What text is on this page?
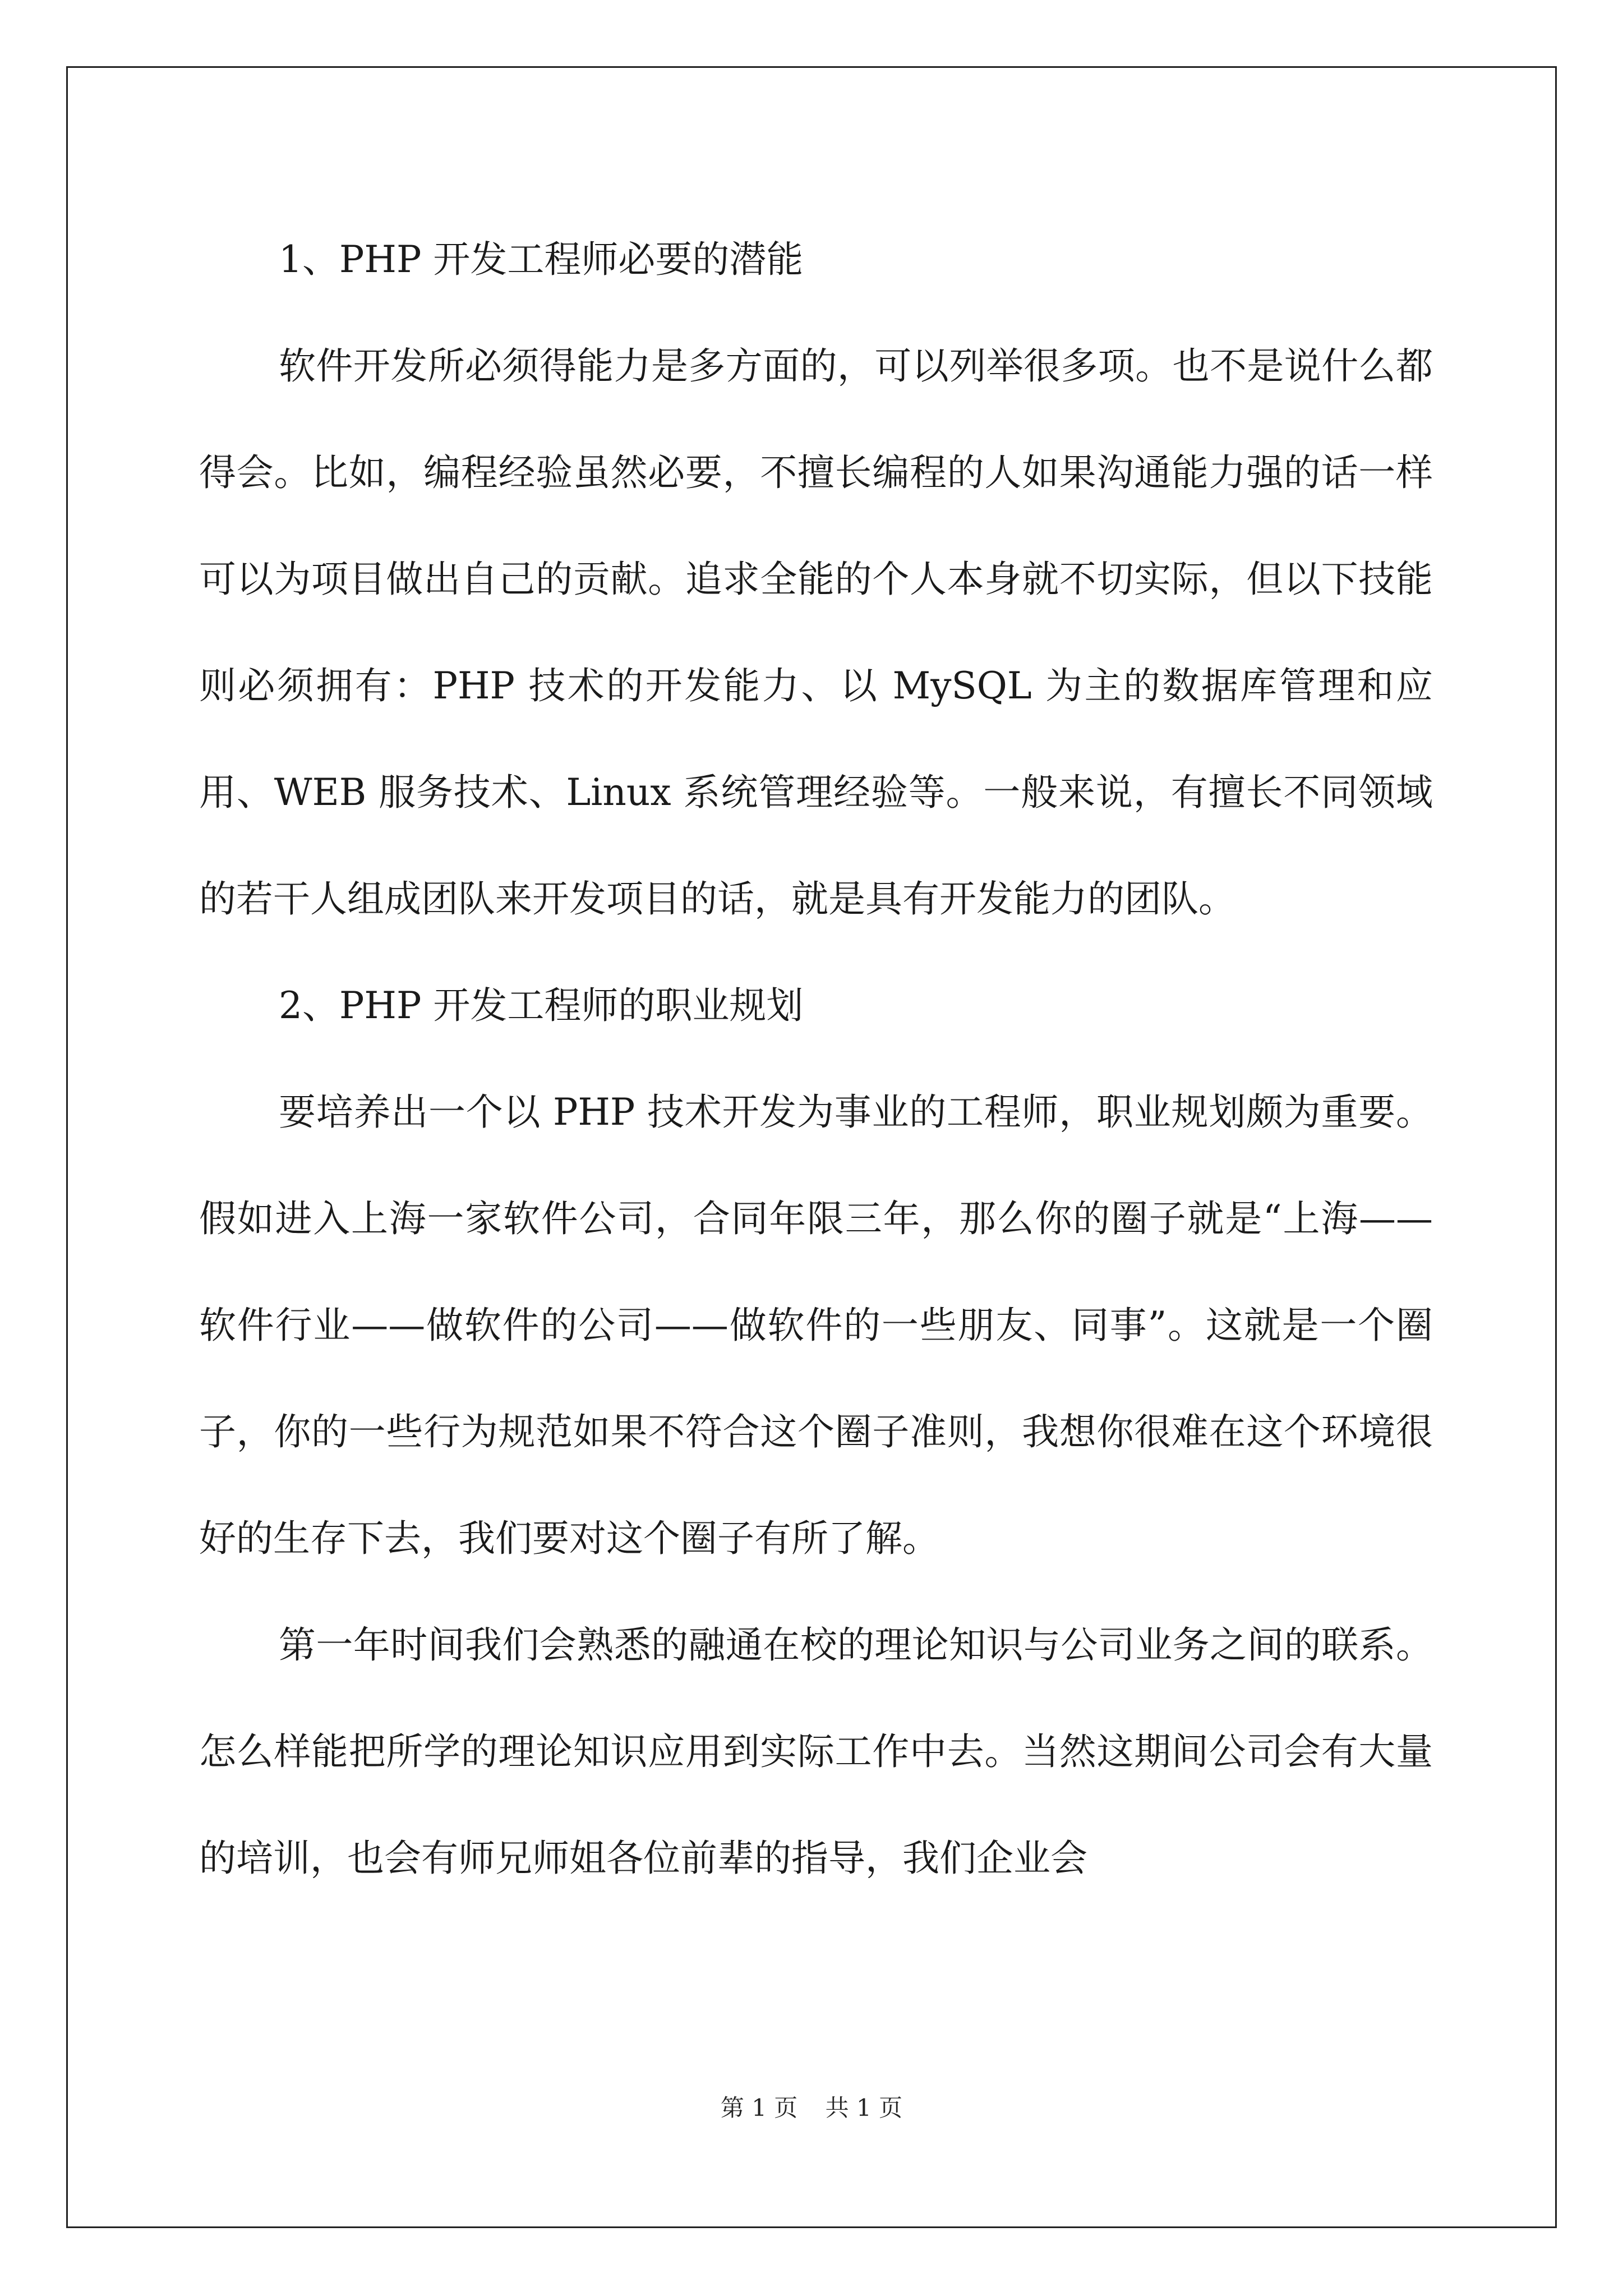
1、PHP 开发工程师必要的潜能

软件开发所必须得能力是多方面的，可以列举很多项。也不是说什么都得会。比如，编程经验虽然必要，不擅长编程的人如果沟通能力强的话一样可以为项目做出自己的贡献。追求全能的个人本身就不切实际，但以下技能则必须拥有：PHP 技术的开发能力、以 MySQL 为主的数据库管理和应用、WEB 服务技术、Linux 系统管理经验等。一般来说，有擅长不同领域的若干人组成团队来开发项目的话，就是具有开发能力的团队。

2、PHP 开发工程师的职业规划

要培养出一个以 PHP 技术开发为事业的工程师，职业规划颇为重要。假如进入上海一家软件公司，合同年限三年，那么你的圈子就是“上海——软件行业——做软件的公司——做软件的一些朋友、同事”。这就是一个圈子，你的一些行为规范如果不符合这个圈子准则，我想你很难在这个环境很好的生存下去，我们要对这个圈子有所了解。

第一年时间我们会熟悉的融通在校的理论知识与公司业务之间的联系。怎么样能把所学的理论知识应用到实际工作中去。当然这期间公司会有大量的培训，也会有师兄师姐各位前辈的指导，我们企业会

第 1 页 共 1 页
